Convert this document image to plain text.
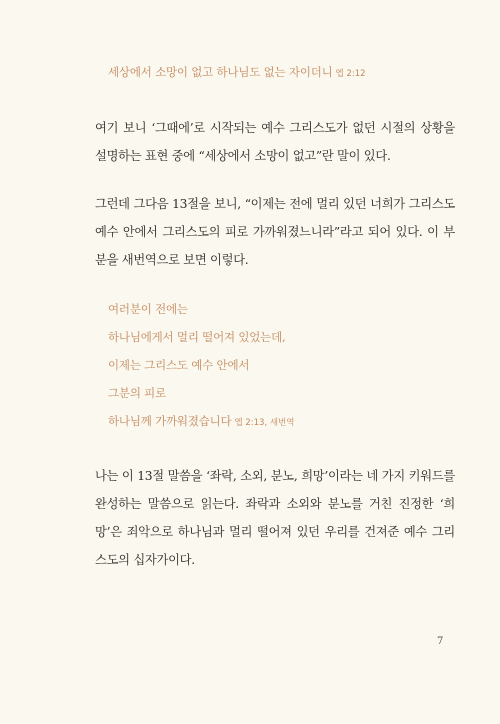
세상에서 소망이 없고 하나님도 없는 자이더니 엡 2:12

여기 보니 ‘그때에’로 시작되는 예수 그리스도가 없던 시절의 상황을 설명하는 표현 중에 “세상에서 소망이 없고”란 말이 있다.

그런데 그다음 13절을 보니, “이제는 전에 멀리 있던 너희가 그리스도 예수 안에서 그리스도의 피로 가까워졌느니라”라고 되어 있다. 이 부분을 새번역으로 보면 이렇다.

여러분이 전에는
하나님에게서 멀리 떨어져 있었는데,
이제는 그리스도 예수 안에서
그분의 피로
하나님께 가까워졌습니다 엡 2:13, 새번역

나는 이 13절 말씀을 ‘좌락, 소외, 분노, 희망’이라는 네 가지 키워드를 완성하는 말씀으로 읽는다. 좌락과 소외와 분노를 거친 진정한 ‘희망’은 죄악으로 하나님과 멀리 떨어져 있던 우리를 건져준 예수 그리스도의 십자가이다.

7
